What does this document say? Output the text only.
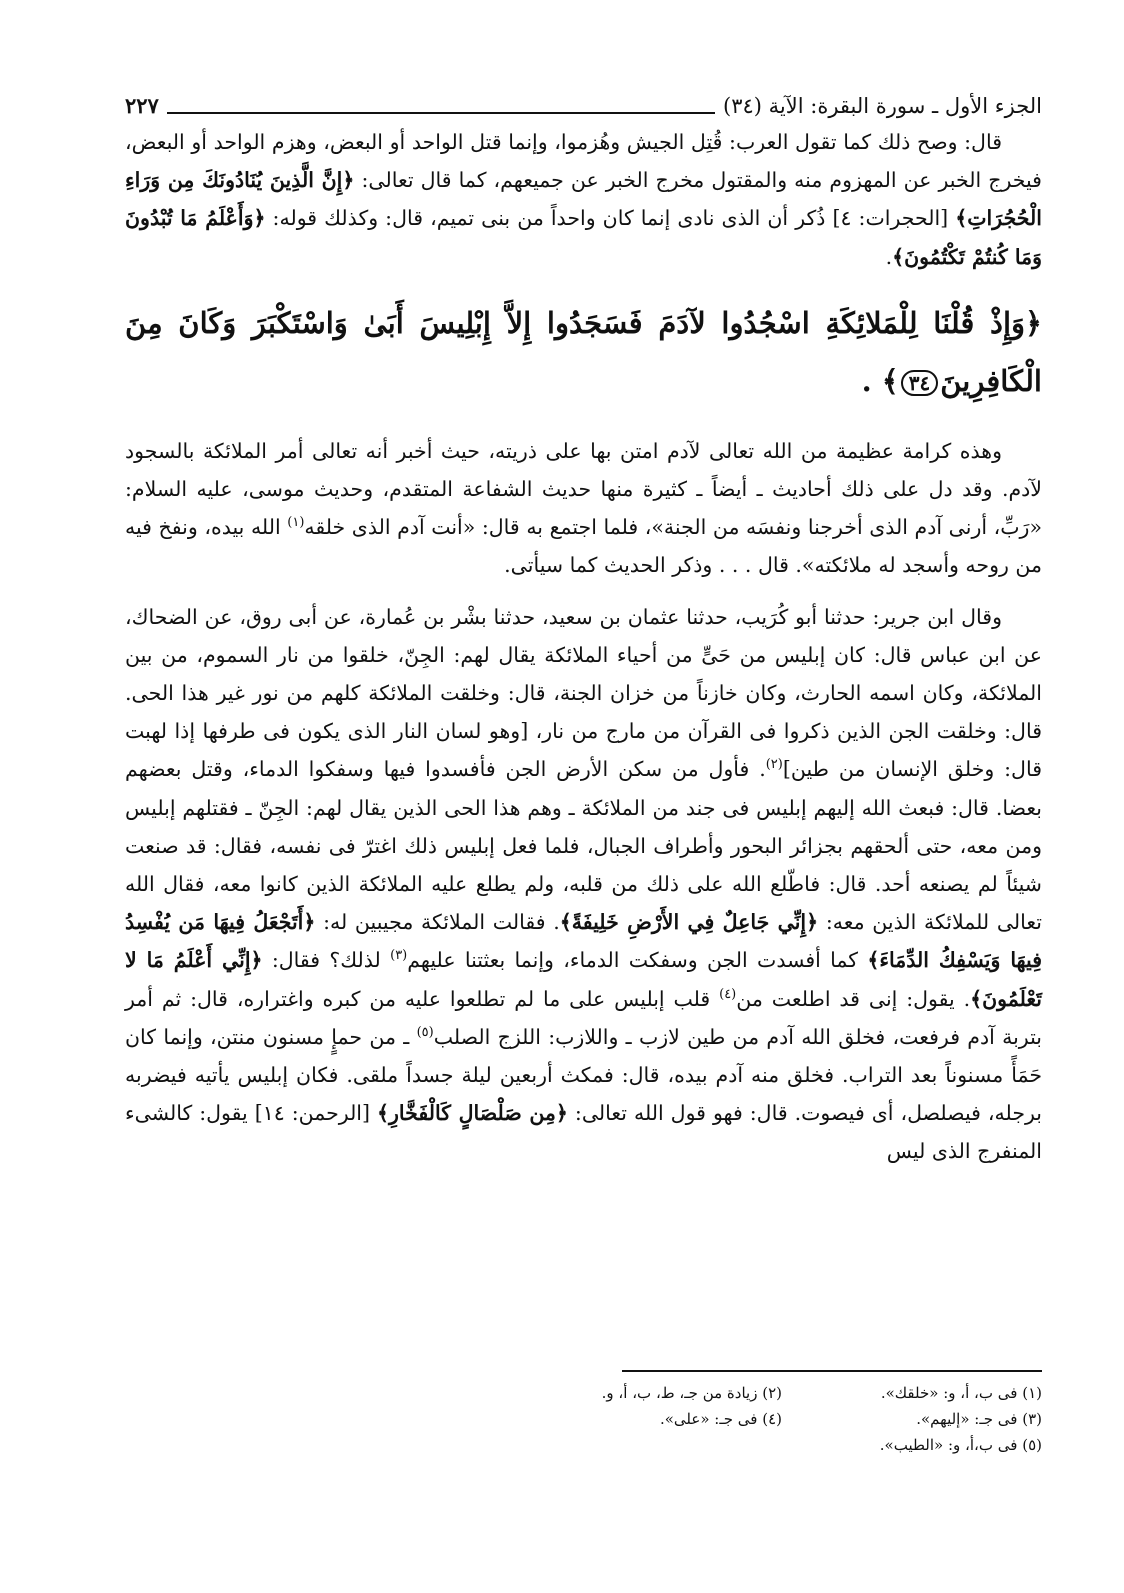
الجزء الأول ـ سورة البقرة: الآية (٣٤)
٢٢٧

قال: وصح ذلك كما تقول العرب: قُتِل الجيش وهُزموا، وإنما قتل الواحد أو البعض، وهزم الواحد أو البعض، فيخرج الخبر عن المهزوم منه والمقتول مخرج الخبر عن جميعهم، كما قال تعالى: ﴿إِنَّ الَّذِينَ يُنَادُونَكَ مِن وَرَاءِ الْحُجُرَاتِ﴾ [الحجرات: ٤] ذُكر أن الذى نادى إنما كان واحداً من بنى تميم، قال: وكذلك قوله: ﴿وَأَعْلَمُ مَا تُبْدُونَ وَمَا كُنتُمْ تَكْتُمُونَ﴾.

﴿وَإِذْ قُلْنَا لِلْمَلائِكَةِ اسْجُدُوا لآدَمَ فَسَجَدُوا إِلاَّ إِبْلِيسَ أَبَىٰ وَاسْتَكْبَرَ وَكَانَ مِنَ الْكَافِرِينَ٣٤﴾ .

وهذه كرامة عظيمة من الله تعالى لآدم امتن بها على ذريته، حيث أخبر أنه تعالى أمر الملائكة بالسجود لآدم. وقد دل على ذلك أحاديث ـ أيضاً ـ كثيرة منها حديث الشفاعة المتقدم، وحديث موسى، عليه السلام: «رَبِّ، أرنى آدم الذى أخرجنا ونفسَه من الجنة»، فلما اجتمع به قال: «أنت آدم الذى خلقه$^{(١)}$ الله بيده، ونفخ فيه من روحه وأسجد له ملائكته». قال . . . وذكر الحديث كما سيأتى.

وقال ابن جرير: حدثنا أبو كُرَيب، حدثنا عثمان بن سعيد، حدثنا بشْر بن عُمارة، عن أبى روق، عن الضحاك، عن ابن عباس قال: كان إبليس من حَىٍّ من أحياء الملائكة يقال لهم: الجِنّ، خلقوا من نار السموم، من بين الملائكة، وكان اسمه الحارث، وكان خازناً من خزان الجنة، قال: وخلقت الملائكة كلهم من نور غير هذا الحى. قال: وخلقت الجن الذين ذكروا فى القرآن من مارج من نار، [وهو لسان النار الذى يكون فى طرفها إذا لهبت قال: وخلق الإنسان من طين]$^{(٢)}$. فأول من سكن الأرض الجن فأفسدوا فيها وسفكوا الدماء، وقتل بعضهم بعضا. قال: فبعث الله إليهم إبليس فى جند من الملائكة ـ وهم هذا الحى الذين يقال لهم: الجِنّ ـ فقتلهم إبليس ومن معه، حتى ألحقهم بجزائر البحور وأطراف الجبال، فلما فعل إبليس ذلك اغترّ فى نفسه، فقال: قد صنعت شيئاً لم يصنعه أحد. قال: فاطّلع الله على ذلك من قلبه، ولم يطلع عليه الملائكة الذين كانوا معه، فقال الله تعالى للملائكة الذين معه: ﴿إِنِّي جَاعِلٌ فِي الأَرْضِ خَلِيفَةً﴾. فقالت الملائكة مجيبين له: ﴿أَتَجْعَلُ فِيهَا مَن يُفْسِدُ فِيهَا وَيَسْفِكُ الدِّمَاءَ﴾ كما أفسدت الجن وسفكت الدماء، وإنما بعثتنا عليهم$^{(٣)}$ لذلك؟ فقال: ﴿إِنِّي أَعْلَمُ مَا لا تَعْلَمُونَ﴾. يقول: إنى قد اطلعت من$^{(٤)}$ قلب إبليس على ما لم تطلعوا عليه من كبره واغتراره، قال: ثم أمر بتربة آدم فرفعت، فخلق الله آدم من طين لازب ـ واللازب: اللزج الصلب$^{(٥)}$ ـ من حمإٍ مسنون منتن، وإنما كان حَمَأً مسنوناً بعد التراب. فخلق منه آدم بيده، قال: فمكث أربعين ليلة جسداً ملقى. فكان إبليس يأتيه فيضربه برجله، فيصلصل، أى فيصوت. قال: فهو قول الله تعالى: ﴿مِن صَلْصَالٍ كَالْفَخَّارِ﴾ [الرحمن: ١٤] يقول: كالشىء المنفرج الذى ليس

(١) فى ب، أ، و: «خلقك».
(٢) زيادة من جـ، ط، ب، أ، و.
(٣) فى جـ: «إليهم».
(٤) فى جـ: «على».
(٥) فى ب،أ، و: «الطيب».
